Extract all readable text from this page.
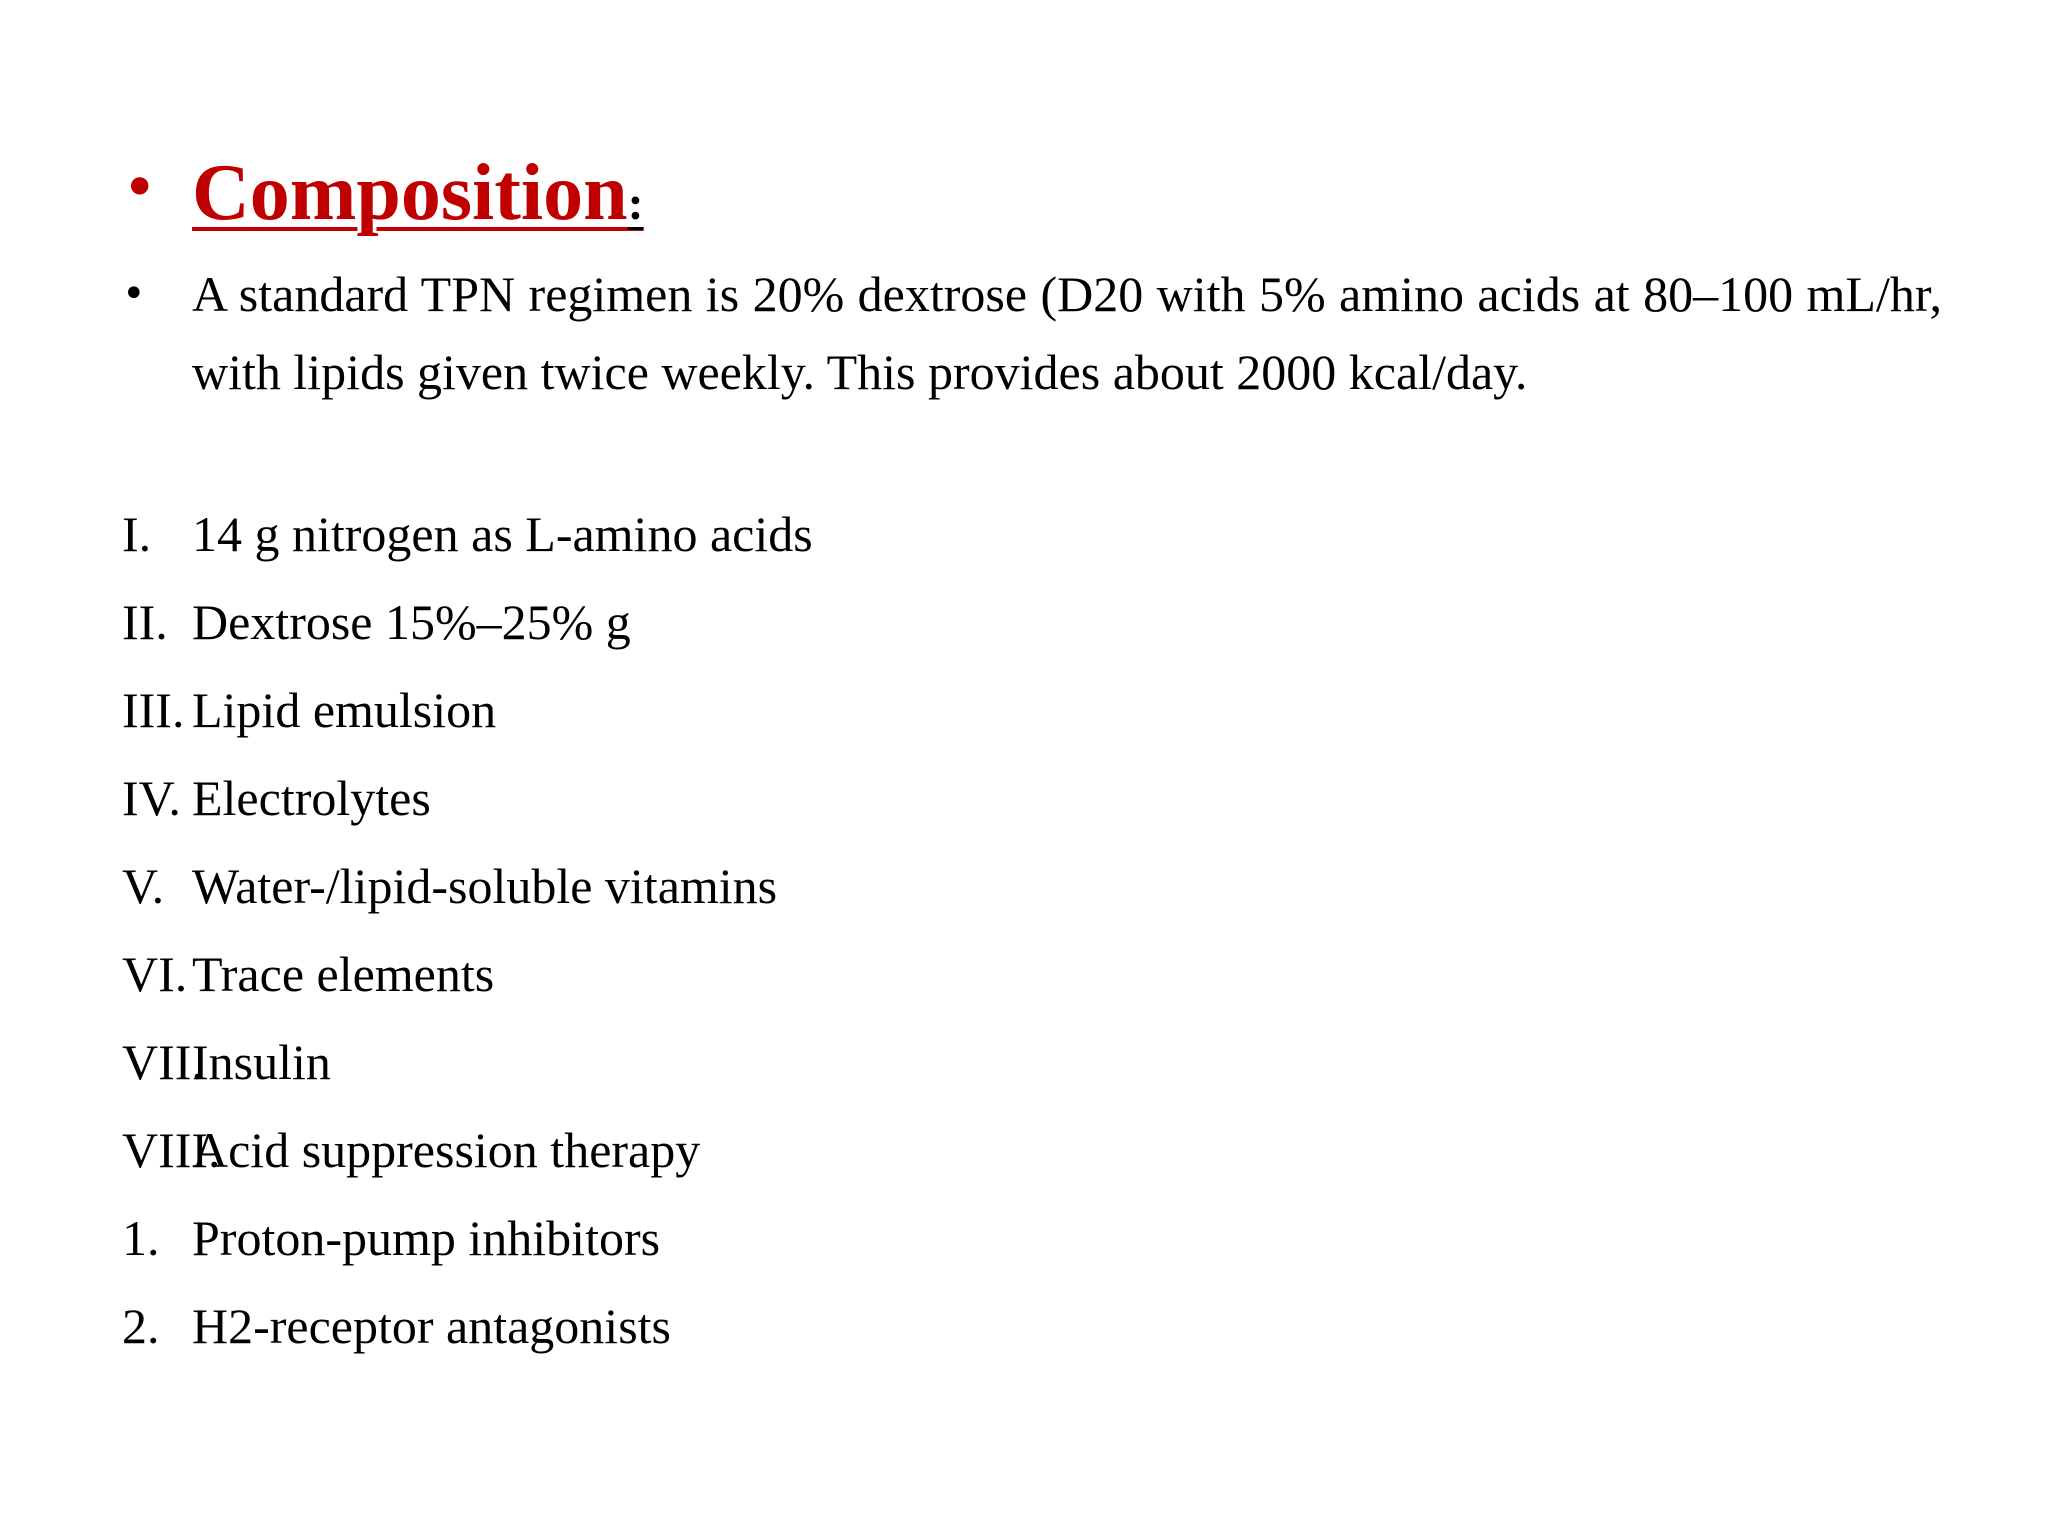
• Composition:
• A standard TPN regimen is 20% dextrose (D20 with 5% amino acids at 80–100 mL/hr, with lipids given twice weekly. This provides about 2000 kcal/day.
I. 14 g nitrogen as L-amino acids
II. Dextrose 15%–25% g
III. Lipid emulsion
IV. Electrolytes
V. Water-/lipid-soluble vitamins
VI. Trace elements
VII.
Insulin
VIII.
Acid suppression therapy
1. Proton-pump inhibitors
2. H2-receptor antagonists
